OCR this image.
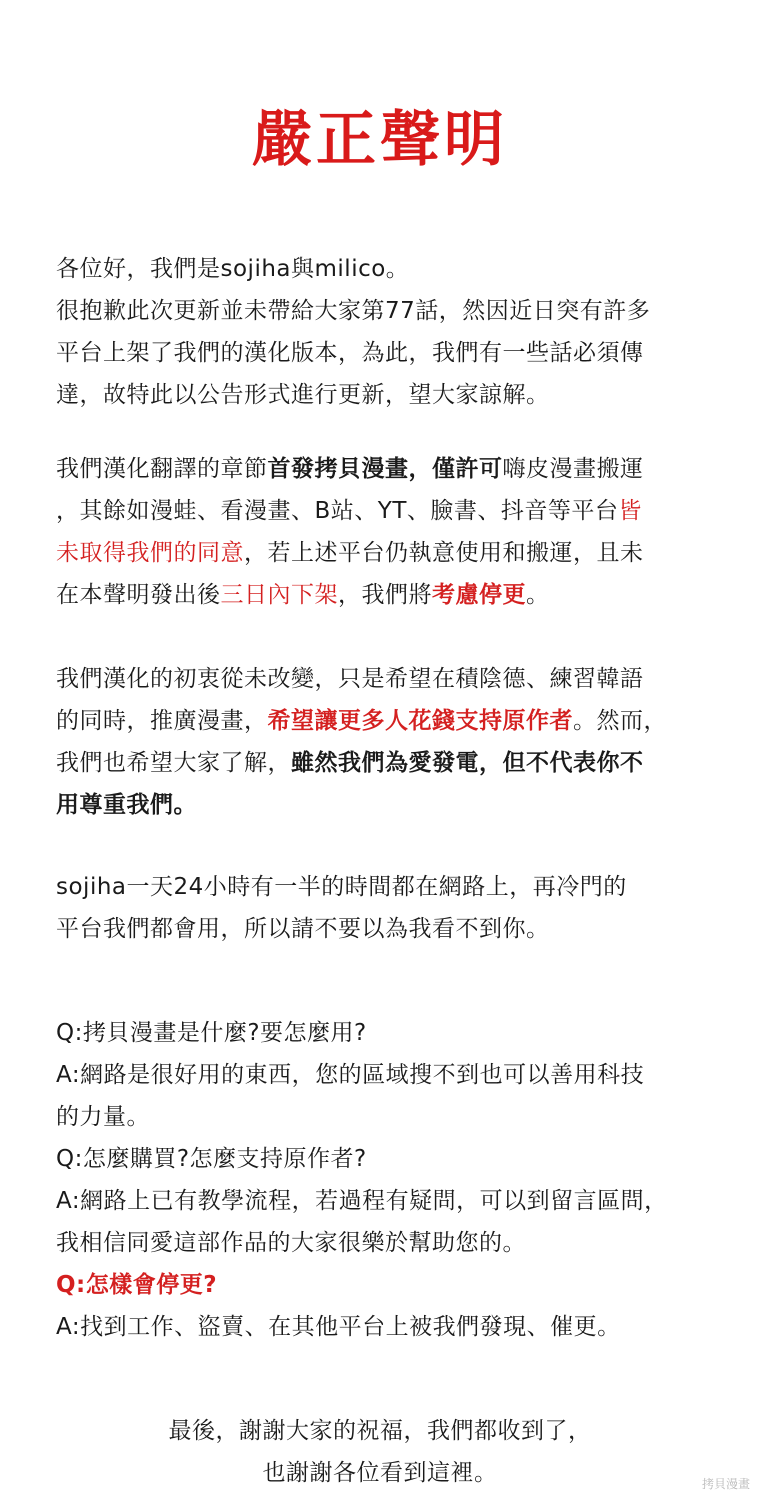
嚴正聲明
各位好，我們是sojiha與milico。
很抱歉此次更新並未帶給大家第77話，然因近日突有許多
平台上架了我們的漢化版本，為此，我們有一些話必須傳
達，故特此以公告形式進行更新，望大家諒解。
我們漢化翻譯的章節首發拷貝漫畫，僅許可嗨皮漫畫搬運
，其餘如漫蛙、看漫畫、B站、YT、臉書、抖音等平台皆
未取得我們的同意，若上述平台仍執意使用和搬運，且未
在本聲明發出後三日內下架，我們將考慮停更。
我們漢化的初衷從未改變，只是希望在積陰德、練習韓語
的同時，推廣漫畫，希望讓更多人花錢支持原作者。然而，
我們也希望大家了解，雖然我們為愛發電，但不代表你不
用尊重我們。
sojiha一天24小時有一半的時間都在網路上，再冷門的
平台我們都會用，所以請不要以為我看不到你。
Q:拷貝漫畫是什麼?要怎麼用?
A:網路是很好用的東西，您的區域搜不到也可以善用科技
的力量。
Q:怎麼購買?怎麼支持原作者?
A:網路上已有教學流程，若過程有疑問，可以到留言區問，
我相信同愛這部作品的大家很樂於幫助您的。
Q:怎樣會停更?
A:找到工作、盜賣、在其他平台上被我們發現、催更。
最後，謝謝大家的祝福，我們都收到了，
也謝謝各位看到這裡。	拷貝漫畫
